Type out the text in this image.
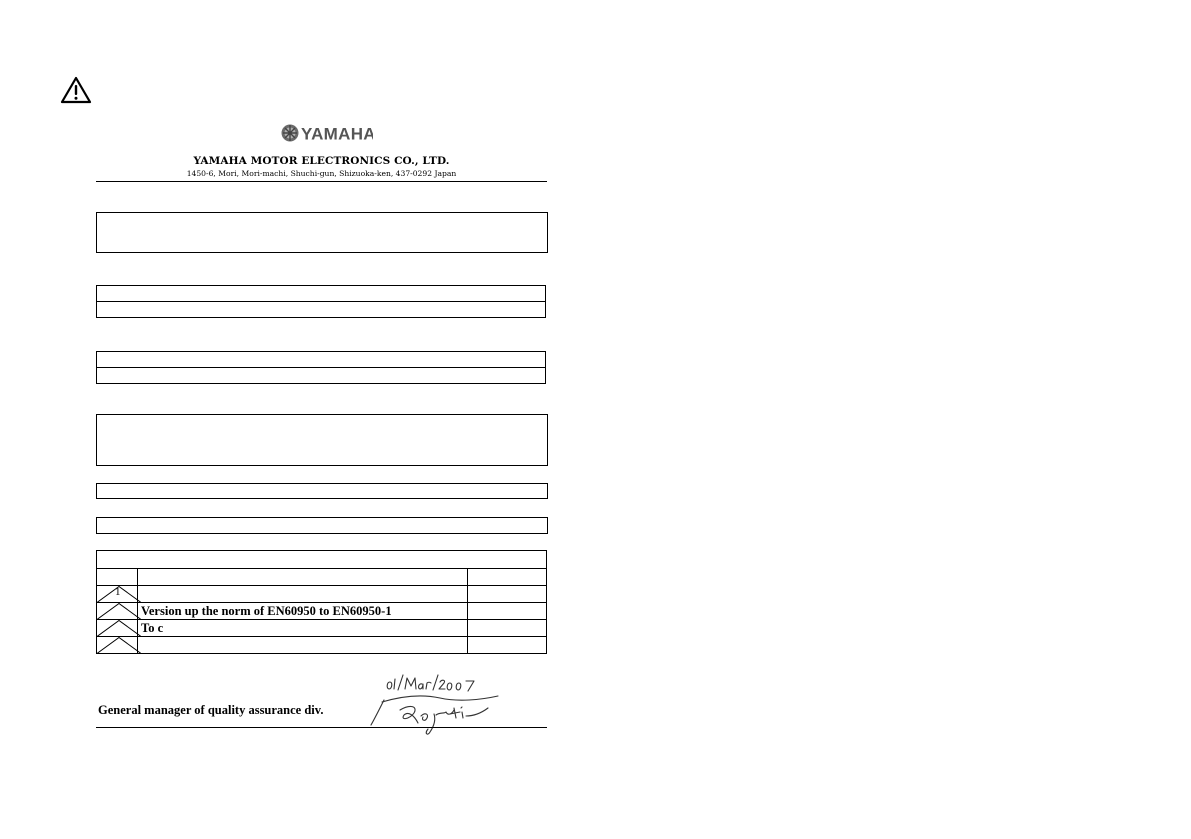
YAMAHA
YAMAHA MOTOR ELECTRONICS CO., LTD.
1450-6, Mori, Mori-machi, Shuchi-gun, Shizuoka-ken, 437-0292 Japan

1		

	Version up the norm of EN60950 to EN60950-1	

	To c	

General manager of quality assurance div.
